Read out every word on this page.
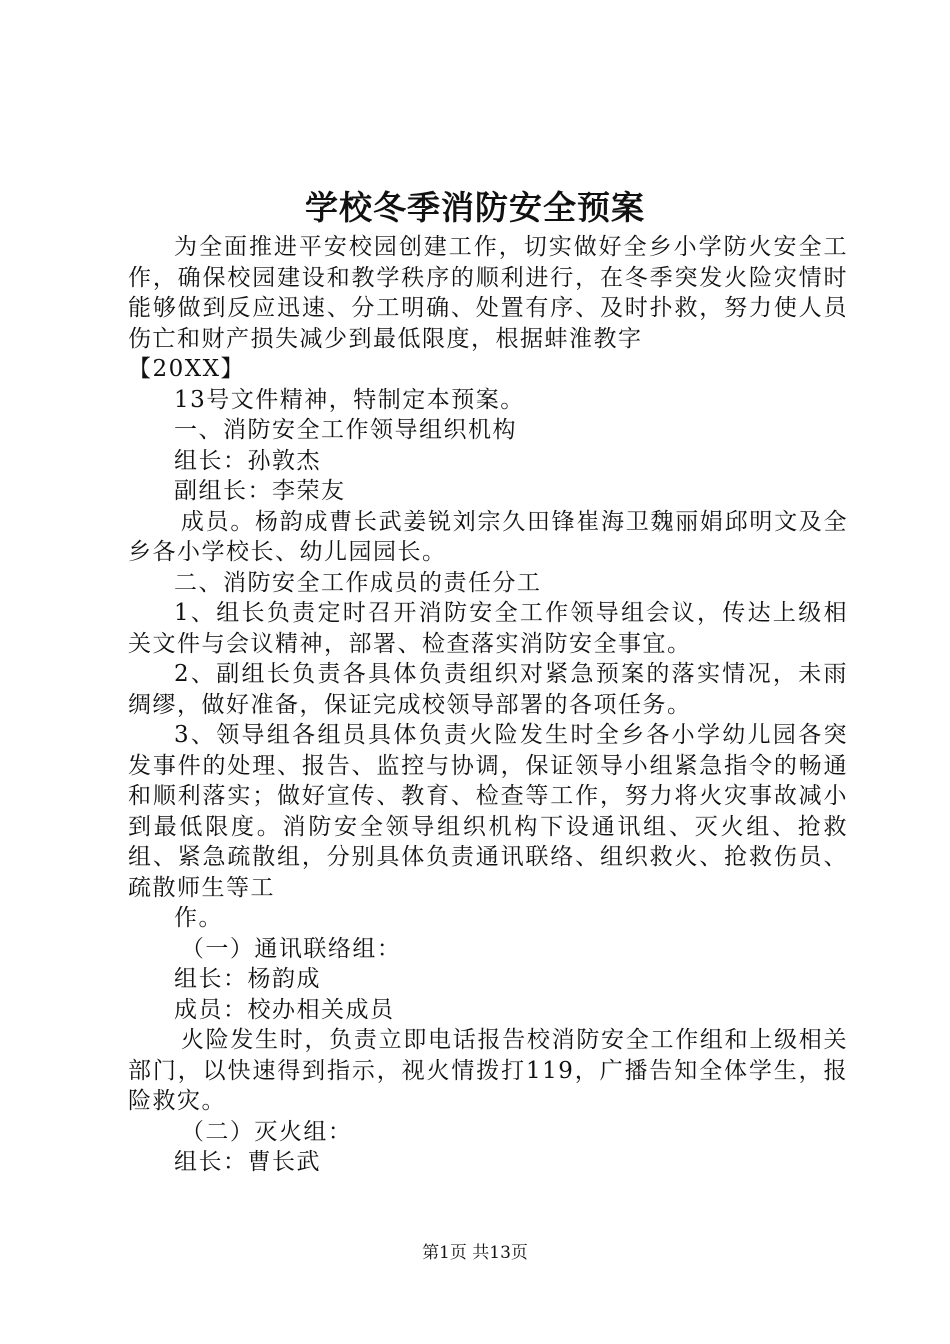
学校冬季消防安全预案

为全面推进平安校园创建工作，切实做好全乡小学防火安全工作，确保校园建设和教学秩序的顺利进行，在冬季突发火险灾情时能够做到反应迅速、分工明确、处置有序、及时扑救，努力使人员伤亡和财产损失减少到最低限度，根据蚌淮教字

【20XX】

13号文件精神，特制定本预案。

一、消防安全工作领导组织机构

组长：孙敦杰

副组长：李荣友

成员。杨韵成曹长武姜锐刘宗久田锋崔海卫魏丽娟邱明文及全乡各小学校长、幼儿园园长。

二、消防安全工作成员的责任分工

1、组长负责定时召开消防安全工作领导组会议，传达上级相关文件与会议精神，部署、检查落实消防安全事宜。

2、副组长负责各具体负责组织对紧急预案的落实情况，未雨绸缪，做好准备，保证完成校领导部署的各项任务。

3、领导组各组员具体负责火险发生时全乡各小学幼儿园各突发事件的处理、报告、监控与协调，保证领导小组紧急指令的畅通和顺利落实；做好宣传、教育、检查等工作，努力将火灾事故减小到最低限度。消防安全领导组织机构下设通讯组、灭火组、抢救组、紧急疏散组，分别具体负责通讯联络、组织救火、抢救伤员、疏散师生等工

作。

（一）通讯联络组：

组长：杨韵成

成员：校办相关成员

火险发生时，负责立即电话报告校消防安全工作组和上级相关部门，以快速得到指示，视火情拨打119，广播告知全体学生，报险救灾。

（二）灭火组：

组长：曹长武

第1页 共13页
